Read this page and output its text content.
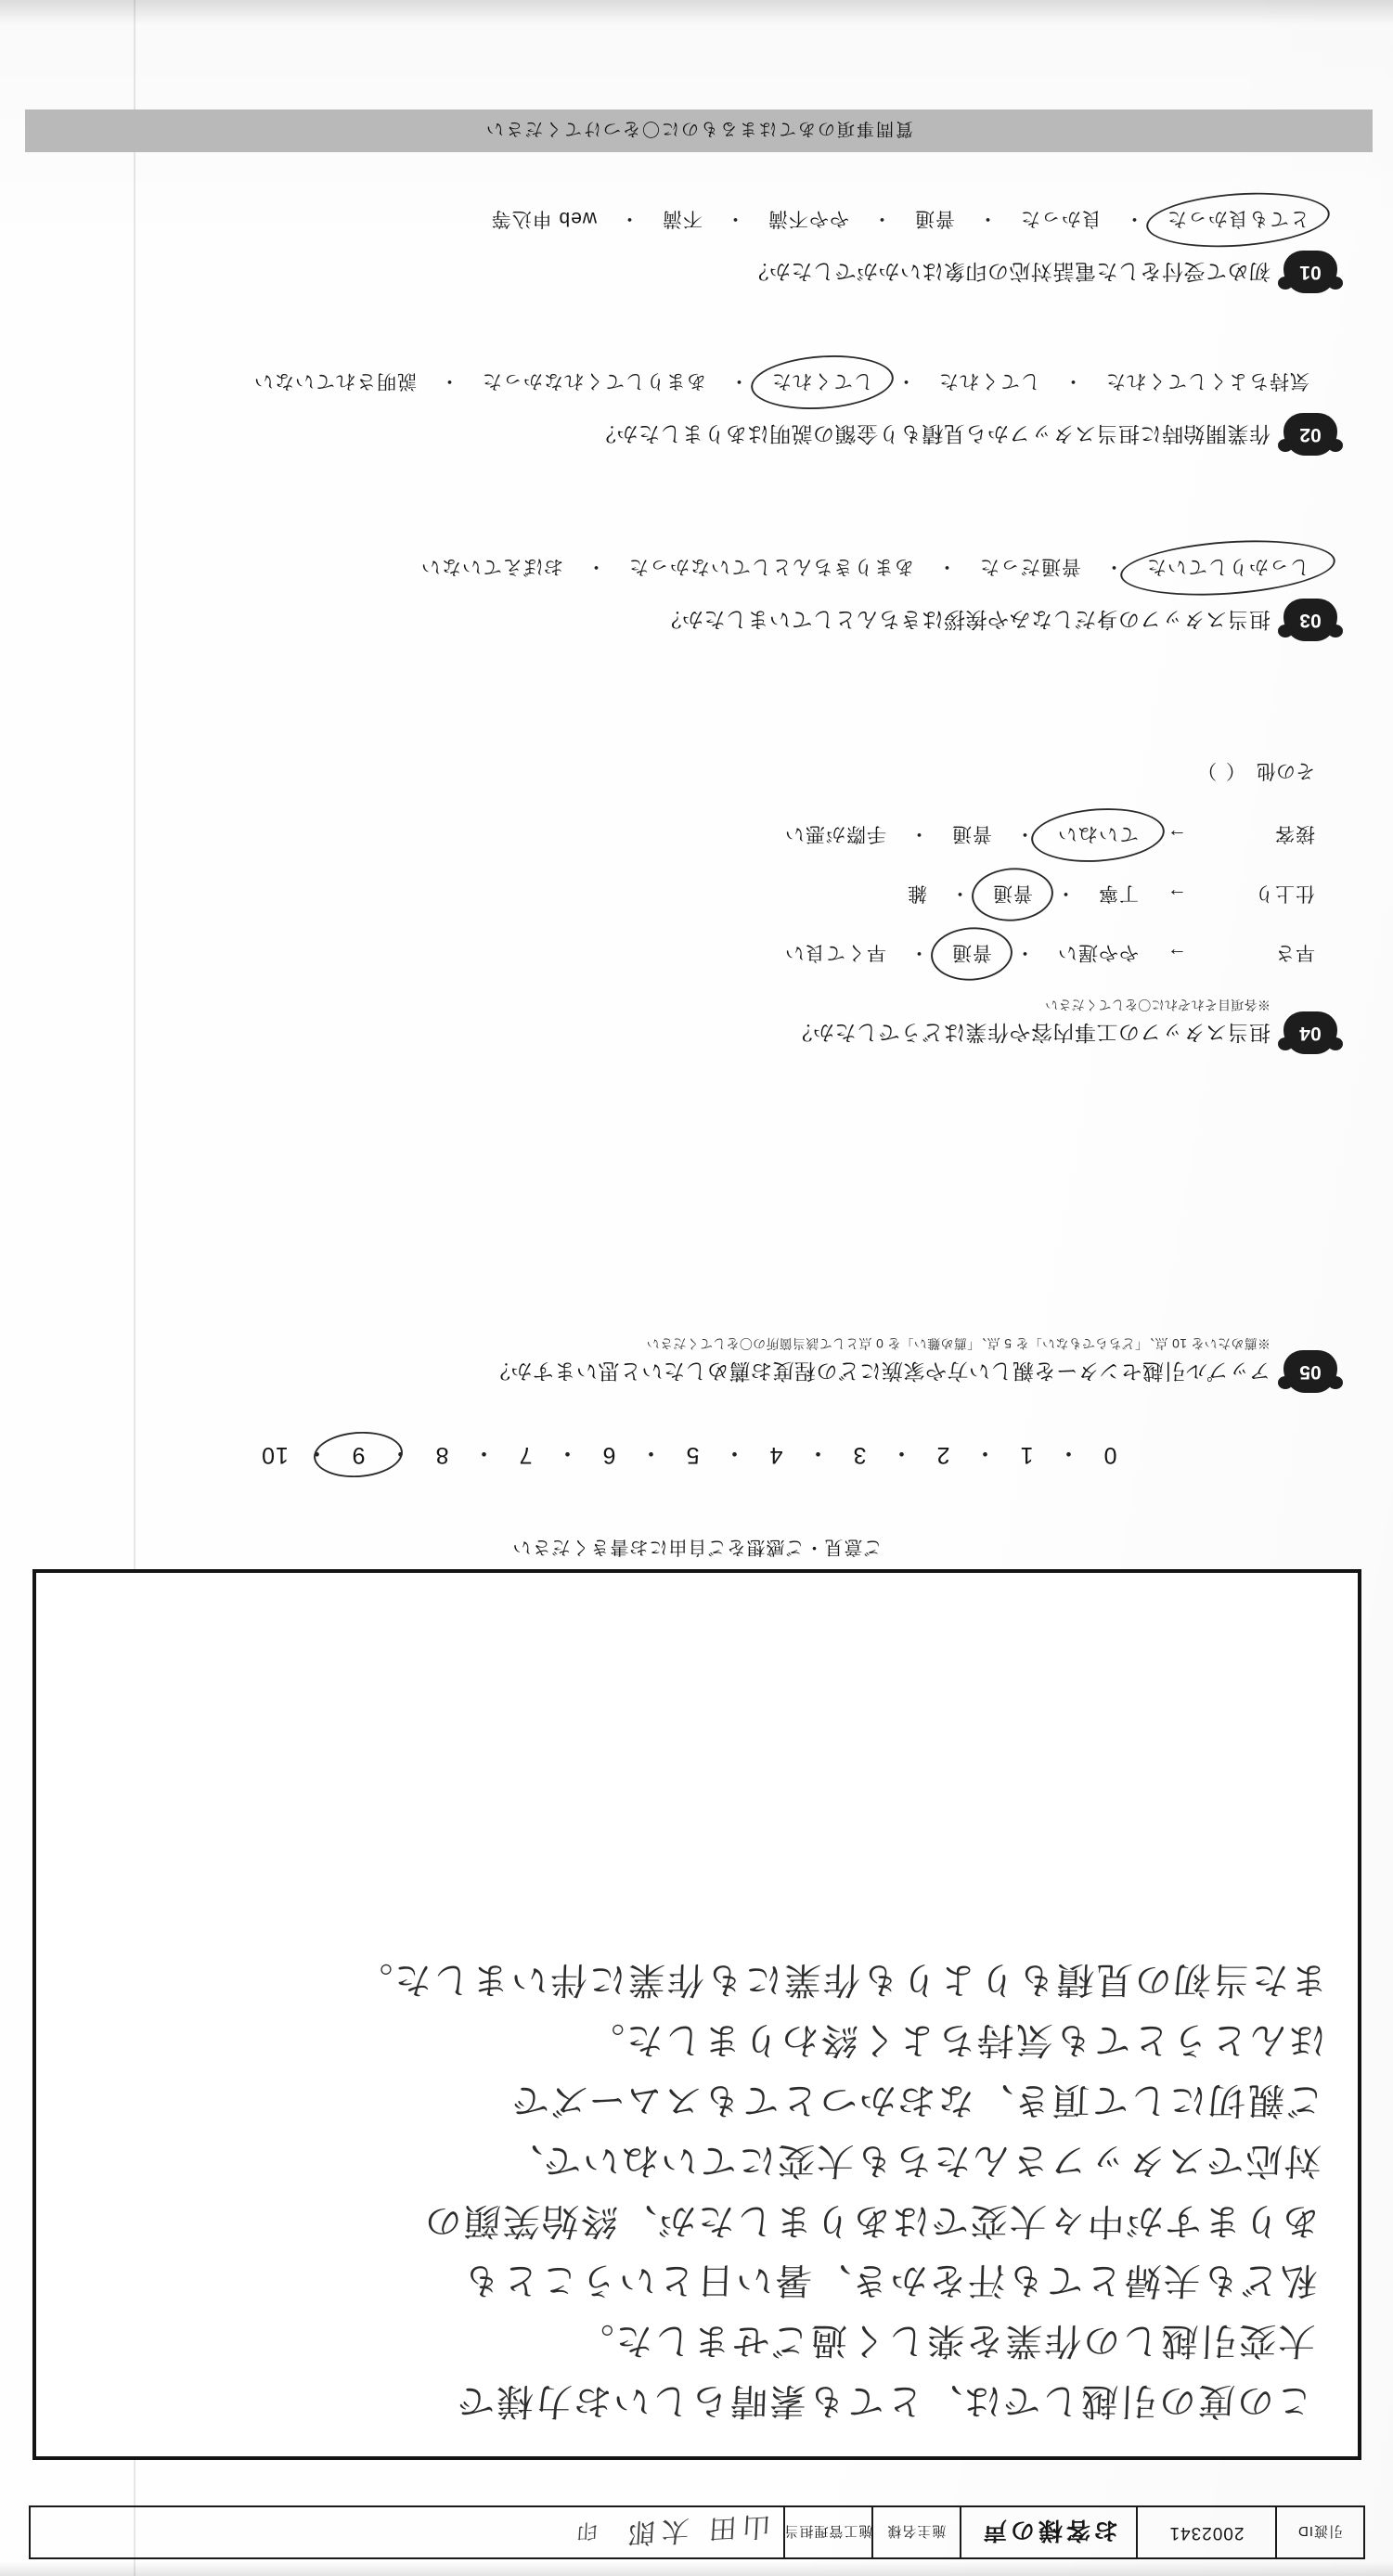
引渡ID
2002341
お客様の声
施主名様
施工管理担当
山田 太郎
印
この度の引越しでは、とても素晴らしいお力様で
大変引越しの作業を楽しく過ごせました。
私ども夫婦とても汗をかき、暑い日ということも
ありますが中々大変ではありましたが、終始笑顔の
対応でスタッフさんたちも大変にていねいで、
ご親切にして頂き、なおかつとてもスムーズで
ほんとうとても気持ちよく終わりました。
また当初の見積もりよりも作業にも作業に伴いました。
ご意見・ご感想をご自由にお書きください
0
・
1
・
2
・
3
・
4
・
5
・
6
・
7
・
8
・
9
・
10
05
アップル引越センターを親しい方や家族にどの程度お薦めしたいと思いますか？
※薦めたいを 10 点、「どちらでもない」を 5 点、「薦め難い」を 0 点として該当箇所の〇をしてください
04
担当スタッフの工事内容や作業はどうでしたか？
※各項目それぞれに〇をしてください
早さ
→
やや遅い
・
普通
・
早くて良い
仕上り
→
丁寧
・
普通
・
雑
接客
→
ていねい
・
普通
・
手際が悪い
その他
（ ）
03
担当スタッフの身だしなみや挨拶はきちんとしていましたか？
しっかりしていた
・
普通だった
・
あまりきちんとしていなかった
・
おぼえていない
02
作業開始時に担当スタッフから見積もり金額の説明はありましたか？
気持ちよくしてくれた
・
してくれた
・
してくれた
・
あまりしてくれなかった
・
説明されていない
01
初めて受付をした電話対応の印象はいかがでしたか？
とても良かった
・
良かった
・
普通
・
やや不満
・
不満
・
web 申込等
質問事項のあてはまるものに〇をつけてください
